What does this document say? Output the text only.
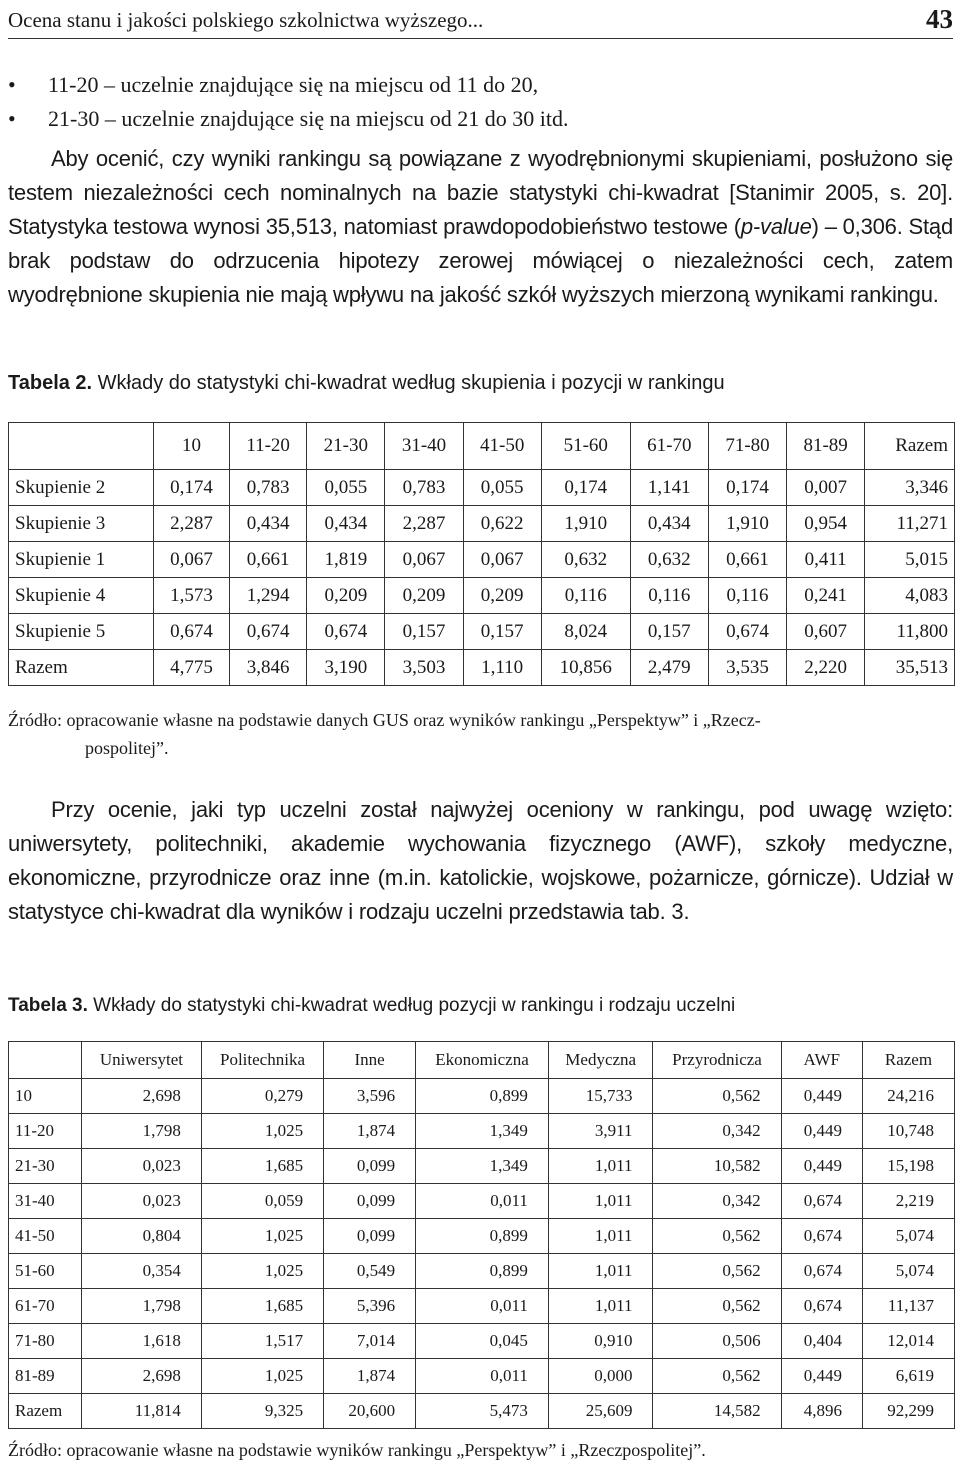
Ocena stanu i jakości polskiego szkolnictwa wyższego...	43
•	11-20 – uczelnie znajdujące się na miejscu od 11 do 20,
•	21-30 – uczelnie znajdujące się na miejscu od 21 do 30 itd.

Aby ocenić, czy wyniki rankingu są powiązane z wyodrębnionymi skupieniami, posłużono się testem niezależności cech nominalnych na bazie statystyki chi-kwadrat [Stanimir 2005, s. 20]. Statystyka testowa wynosi 35,513, natomiast prawdopodobieństwo testowe (p-value) – 0,306. Stąd brak podstaw do odrzucenia hipotezy zerowej mówiącej o niezależności cech, zatem wyodrębnione skupienia nie mają wpływu na jakość szkół wyższych mierzoną wynikami rankingu.

Tabela 2. Wkłady do statystyki chi-kwadrat według skupienia i pozycji w rankingu
	10	11-20	21-30	31-40	41-50	51-60	61-70	71-80	81-89	Razem
Skupienie 2	0,174	0,783	0,055	0,783	0,055	0,174	1,141	0,174	0,007	3,346
Skupienie 3	2,287	0,434	0,434	2,287	0,622	1,910	0,434	1,910	0,954	11,271
Skupienie 1	0,067	0,661	1,819	0,067	0,067	0,632	0,632	0,661	0,411	5,015
Skupienie 4	1,573	1,294	0,209	0,209	0,209	0,116	0,116	0,116	0,241	4,083
Skupienie 5	0,674	0,674	0,674	0,157	0,157	8,024	0,157	0,674	0,607	11,800
Razem	4,775	3,846	3,190	3,503	1,110	10,856	2,479	3,535	2,220	35,513
Źródło: opracowanie własne na podstawie danych GUS oraz wyników rankingu „Perspektyw” i „Rzecz-
pospolitej”.

Przy ocenie, jaki typ uczelni został najwyżej oceniony w rankingu, pod uwagę wzięto: uniwersytety, politechniki, akademie wychowania fizycznego (AWF), szkoły medyczne, ekonomiczne, przyrodnicze oraz inne (m.in. katolickie, wojskowe, pożarnicze, górnicze). Udział w statystyce chi-kwadrat dla wyników i rodzaju uczelni przedstawia tab. 3.

Tabela 3. Wkłady do statystyki chi-kwadrat według pozycji w rankingu i rodzaju uczelni
	Uniwersytet	Politechnika	Inne	Ekonomiczna	Medyczna	Przyrodnicza	AWF	Razem
10	2,698	0,279	3,596	0,899	15,733	0,562	0,449	24,216
11-20	1,798	1,025	1,874	1,349	3,911	0,342	0,449	10,748
21-30	0,023	1,685	0,099	1,349	1,011	10,582	0,449	15,198
31-40	0,023	0,059	0,099	0,011	1,011	0,342	0,674	2,219
41-50	0,804	1,025	0,099	0,899	1,011	0,562	0,674	5,074
51-60	0,354	1,025	0,549	0,899	1,011	0,562	0,674	5,074
61-70	1,798	1,685	5,396	0,011	1,011	0,562	0,674	11,137
71-80	1,618	1,517	7,014	0,045	0,910	0,506	0,404	12,014
81-89	2,698	1,025	1,874	0,011	0,000	0,562	0,449	6,619
Razem	11,814	9,325	20,600	5,473	25,609	14,582	4,896	92,299
Źródło: opracowanie własne na podstawie wyników rankingu „Perspektyw” i „Rzeczpospolitej”.
